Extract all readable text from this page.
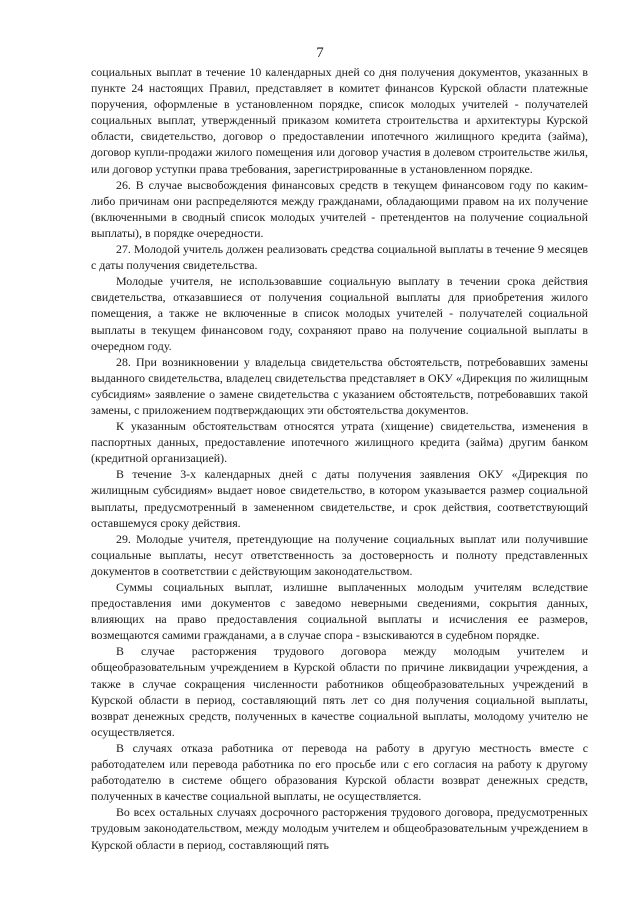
7

социальных выплат в течение 10 календарных дней со дня получения документов, указанных в пункте 24 настоящих Правил, представляет в комитет финансов Курской области платежные поручения, оформленые в установленном порядке, список молодых учителей - получателей социальных выплат, утвержденный приказом комитета строительства и архитектуры Курской области, свидетельство, договор о предоставлении ипотечного жилищного кредита (займа), договор купли-продажи жилого помещения или договор участия в долевом строительстве жилья, или договор уступки права требования, зарегистрированные в установленном порядке.

26. В случае высвобождения финансовых средств в текущем финансовом году по каким-либо причинам они распределяются между гражданами, обладающими правом на их получение (включенными в сводный список молодых учителей - претендентов на получение социальной выплаты), в порядке очередности.

27. Молодой учитель должен реализовать средства социальной выплаты в течение 9 месяцев с даты получения свидетельства.

Молодые учителя, не использовавшие социальную выплату в течении срока действия свидетельства, отказавшиеся от получения социальной выплаты для приобретения жилого помещения, а также не включенные в список молодых учителей - получателей социальной выплаты в текущем финансовом году, сохраняют право на получение социальной выплаты в очередном году.

28. При возникновении у владельца свидетельства обстоятельств, потребовавших замены выданного свидетельства, владелец свидетельства представляет в ОКУ «Дирекция по жилищным субсидиям» заявление о замене свидетельства с указанием обстоятельств, потребовавших такой замены, с приложением подтверждающих эти обстоятельства документов.

К указанным обстоятельствам относятся утрата (хищение) свидетельства, изменения в паспортных данных, предоставление ипотечного жилищного кредита (займа) другим банком (кредитной организацией).

В течение 3-х календарных дней с даты получения заявления ОКУ «Дирекция по жилищным субсидиям» выдает новое свидетельство, в котором указывается размер социальной выплаты, предусмотренный в замененном свидетельстве, и срок действия, соответствующий оставшемуся сроку действия.

29. Молодые учителя, претендующие на получение социальных выплат или получившие социальные выплаты, несут ответственность за достоверность и полноту представленных документов в соответствии с действующим законодательством.

Суммы социальных выплат, излишне выплаченных молодым учителям вследствие предоставления ими документов с заведомо неверными сведениями, сокрытия данных, влияющих на право предоставления социальной выплаты и исчисления ее размеров, возмещаются самими гражданами, а в случае спора - взыскиваются в судебном порядке.

В случае расторжения трудового договора между молодым учителем и общеобразовательным учреждением в Курской области по причине ликвидации учреждения, а также в случае сокращения численности работников общеобразовательных учреждений в Курской области в период, составляющий пять лет со дня получения социальной выплаты, возврат денежных средств, полученных в качестве социальной выплаты, молодому учителю не осуществляется.

В случаях отказа работника от перевода на работу в другую местность вместе с работодателем или перевода работника по его просьбе или с его согласия на работу к другому работодателю в системе общего образования Курской области возврат денежных средств, полученных в качестве социальной выплаты, не осуществляется.

Во всех остальных случаях досрочного расторжения трудового договора, предусмотренных трудовым законодательством, между молодым учителем и общеобразовательным учреждением в Курской области в период, составляющий пять
